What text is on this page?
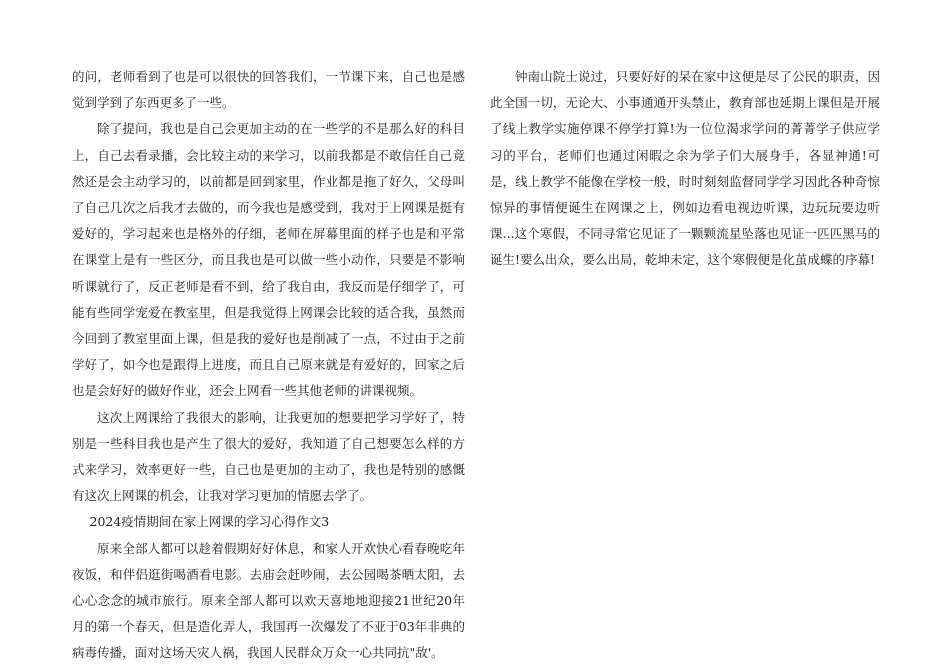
的问，老师看到了也是可以很快的回答我们，一节课下来，自己也是感觉到学到了东西更多了一些。

除了提问，我也是自己会更加主动的在一些学的不是那么好的科目上，自己去看录播，会比较主动的来学习，以前我都是不敢信任自己竟然还是会主动学习的，以前都是回到家里，作业都是拖了好久，父母叫了自己几次之后我才去做的，而今我也是感受到，我对于上网课是挺有爱好的，学习起来也是格外的仔细，老师在屏幕里面的样子也是和平常在课堂上是有一些区分，而且我也是可以做一些小动作，只要是不影响听课就行了，反正老师是看不到，给了我自由，我反而是仔细学了，可能有些同学宠爱在教室里，但是我觉得上网课会比较的适合我，虽然而今回到了教室里面上课，但是我的爱好也是削减了一点，不过由于之前学好了，如今也是跟得上进度，而且自己原来就是有爱好的，回家之后也是会好好的做好作业，还会上网看一些其他老师的讲课视频。

这次上网课给了我很大的影响，让我更加的想要把学习学好了，特别是一些科目我也是产生了很大的爱好，我知道了自己想要怎么样的方式来学习，效率更好一些，自己也是更加的主动了，我也是特别的感慨有这次上网课的机会，让我对学习更加的情愿去学了。

2024疫情期间在家上网课的学习心得作文3

原来全部人都可以趁着假期好好休息，和家人开欢快心看春晚吃年夜饭，和伴侣逛街喝酒看电影。去庙会赶吵闹，去公园喝茶晒太阳，去心心念念的城市旅行。原来全部人都可以欢天喜地地迎接21世纪20年月的第一个春天，但是造化弄人，我国再一次爆发了不亚于03年非典的病毒传播，面对这场天灾人祸，我国人民群众万众一心共同抗"敌'。

钟南山院士说过，只要好好的呆在家中这便是尽了公民的职责，因此全国一切，无论大、小事通通开头禁止，教育部也延期上课但是开展了线上教学实施停课不停学打算!为一位位渴求学问的菁菁学子供应学习的平台，老师们也通过闲暇之余为学子们大展身手，各显神通!可是，线上教学不能像在学校一般，时时刻刻监督同学学习因此各种奇惊惊异的事情便诞生在网课之上，例如边看电视边听课，边玩玩要边听课...这个寒假，不同寻常它见证了一颗颗流星坠落也见证一匹匹黑马的诞生!要么出众，要么出局，乾坤未定，这个寒假便是化茧成蝶的序幕!
